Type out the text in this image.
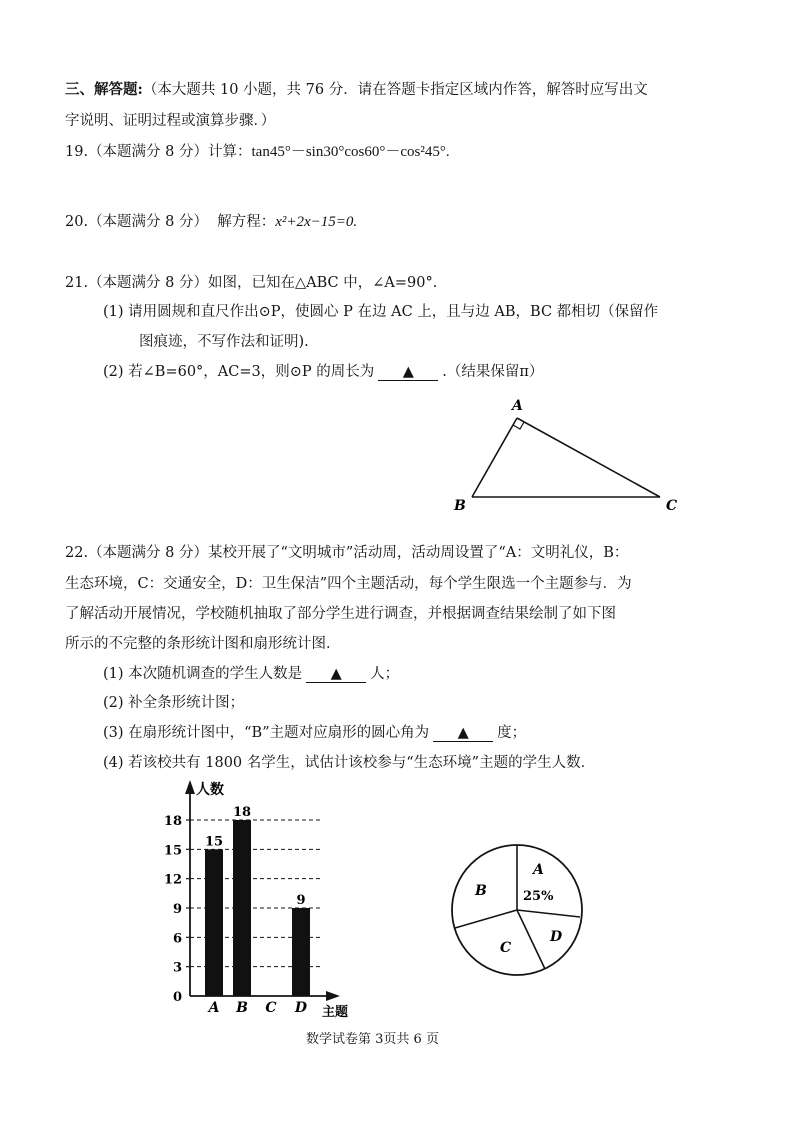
三、解答题:（本大题共 10 小题，共 76 分．请在答题卡指定区域内作答，解答时应写出文
字说明、证明过程或演算步骤．）
19.（本题满分 8 分）计算：tan45°－sin30°cos60°－cos²45°.
20.（本题满分 8 分） 解方程：x²+2x−15=0.
21.（本题满分 8 分）如图，已知在△ABC 中，∠A=90°.
(1) 请用圆规和直尺作出⊙P，使圆心 P 在边 AC 上，且与边 AB，BC 都相切（保留作
图痕迹，不写作法和证明).
(2) 若∠B=60°，AC=3，则⊙P 的周长为 ▲ .（结果保留π）
A
B	C
22.（本题满分 8 分）某校开展了“文明城市”活动周，活动周设置了“A：文明礼仪，B：
生态环境，C：交通安全，D：卫生保洁”四个主题活动，每个学生限选一个主题参与．为
了解活动开展情况，学校随机抽取了部分学生进行调查，并根据调查结果绘制了如下图
所示的不完整的条形统计图和扇形统计图．
(1) 本次随机调查的学生人数是 ▲ 人；
(2) 补全条形统计图；
(3) 在扇形统计图中，“B”主题对应扇形的圆心角为 ▲ 度；
(4) 若该校共有 1800 名学生，试估计该校参与“生态环境”主题的学生人数．
人数
主题
0
3
6
9
12
15
18
15
A
18
B C
9
D
A
25%
B
C
D
数学试卷第 3页共 6 页
